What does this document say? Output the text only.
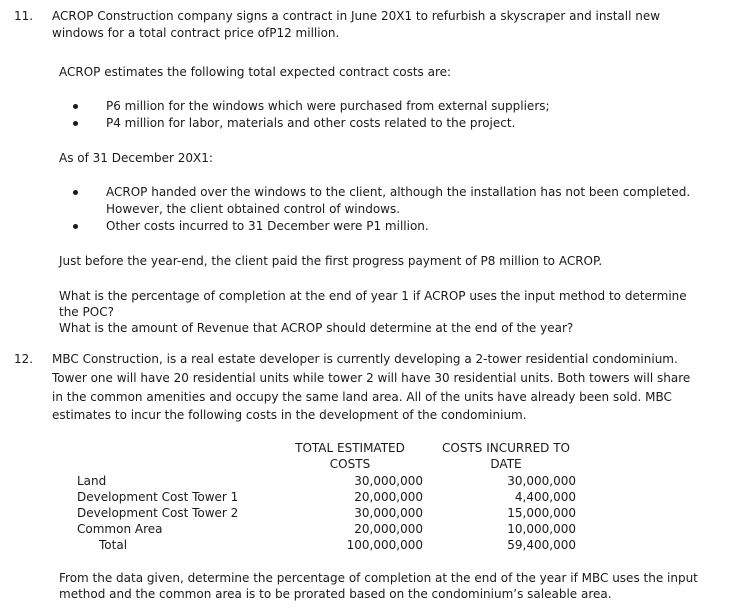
11.	ACROP Construction company signs a contract in June 20X1 to refurbish a skyscraper and install new
windows for a total contract price ofP12 million.
ACROP estimates the following total expected contract costs are:
P6 million for the windows which were purchased from external suppliers;
P4 million for labor, materials and other costs related to the project.
As of 31 December 20X1:
ACROP handed over the windows to the client, although the installation has not been completed.
However, the client obtained control of windows.
Other costs incurred to 31 December were P1 million.
Just before the year-end, the client paid the first progress payment of P8 million to ACROP.
What is the percentage of completion at the end of year 1 if ACROP uses the input method to determine
the POC?
What is the amount of Revenue that ACROP should determine at the end of the year?
12.	MBC Construction, is a real estate developer is currently developing a 2-tower residential condominium.
Tower one will have 20 residential units while tower 2 will have 30 residential units. Both towers will share
in the common amenities and occupy the same land area. All of the units have already been sold. MBC
estimates to incur the following costs in the development of the condominium.
TOTAL ESTIMATED
COSTS
COSTS INCURRED TO
DATE
Land	30,000,000	30,000,000
Development Cost Tower 1	20,000,000	4,400,000
Development Cost Tower 2	30,000,000	15,000,000
Common Area	20,000,000	10,000,000
Total	100,000,000	59,400,000
From the data given, determine the percentage of completion at the end of the year if MBC uses the input
method and the common area is to be prorated based on the condominium’s saleable area.
